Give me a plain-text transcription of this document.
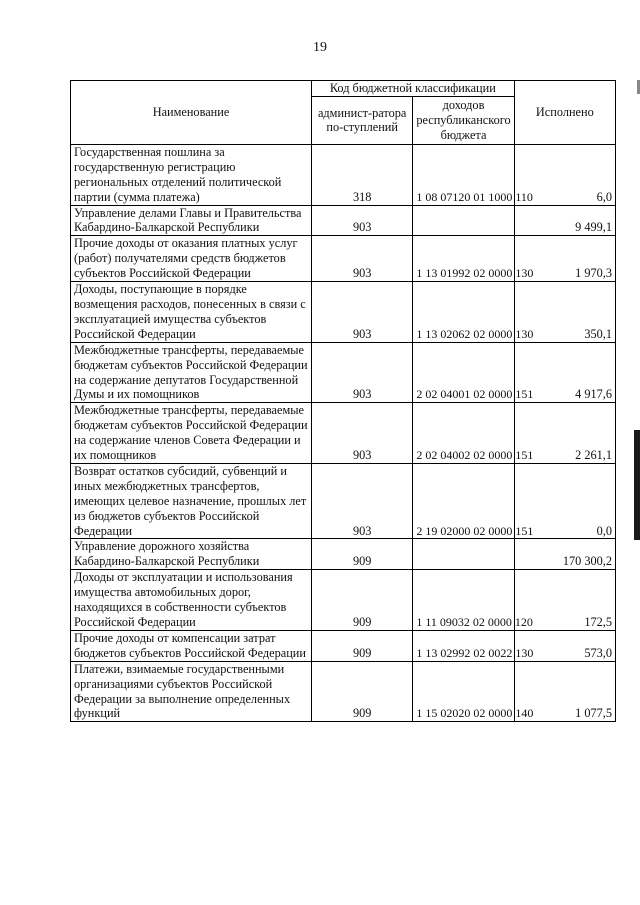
19
Наименование	Код бюджетной классификации		Исполнено
	админист-ратора по-ступлений	доходов республиканского бюджета	
Государственная пошлина за государственную регистрацию региональных отделений политической партии (сумма платежа)	318	1 08 07120 01 1000 110	6,0
Управление делами Главы и Правительства Кабардино-Балкарской Республики	903		9 499,1
Прочие доходы от оказания платных услуг (работ) получателями средств бюджетов субъектов Российской Федерации	903	1 13 01992 02 0000 130	1 970,3
Доходы, поступающие в порядке возмещения расходов, понесенных в связи с эксплуатацией имущества субъектов Российской Федерации	903	1 13 02062 02 0000 130	350,1
Межбюджетные трансферты, передаваемые бюджетам субъектов Российской Федерации на содержание депутатов Государственной Думы и их помощников	903	2 02 04001 02 0000 151	4 917,6
Межбюджетные трансферты, передаваемые бюджетам субъектов Российской Федерации на содержание членов Совета Федерации и их помощников	903	2 02 04002 02 0000 151	2 261,1
Возврат остатков субсидий, субвенций и иных межбюджетных трансфертов, имеющих целевое назначение, прошлых лет из бюджетов субъектов Российской Федерации	903	2 19 02000 02 0000 151	0,0
Управление дорожного хозяйства Кабардино-Балкарской Республики	909		170 300,2
Доходы от эксплуатации и использования имущества автомобильных дорог, находящихся в собственности субъектов Российской Федерации	909	1 11 09032 02 0000 120	172,5
Прочие доходы от компенсации затрат бюджетов субъектов Российской Федерации	909	1 13 02992 02 0022 130	573,0
Платежи, взимаемые государственными организациями субъектов Российской Федерации за выполнение определенных функций	909	1 15 02020 02 0000 140	1 077,5
